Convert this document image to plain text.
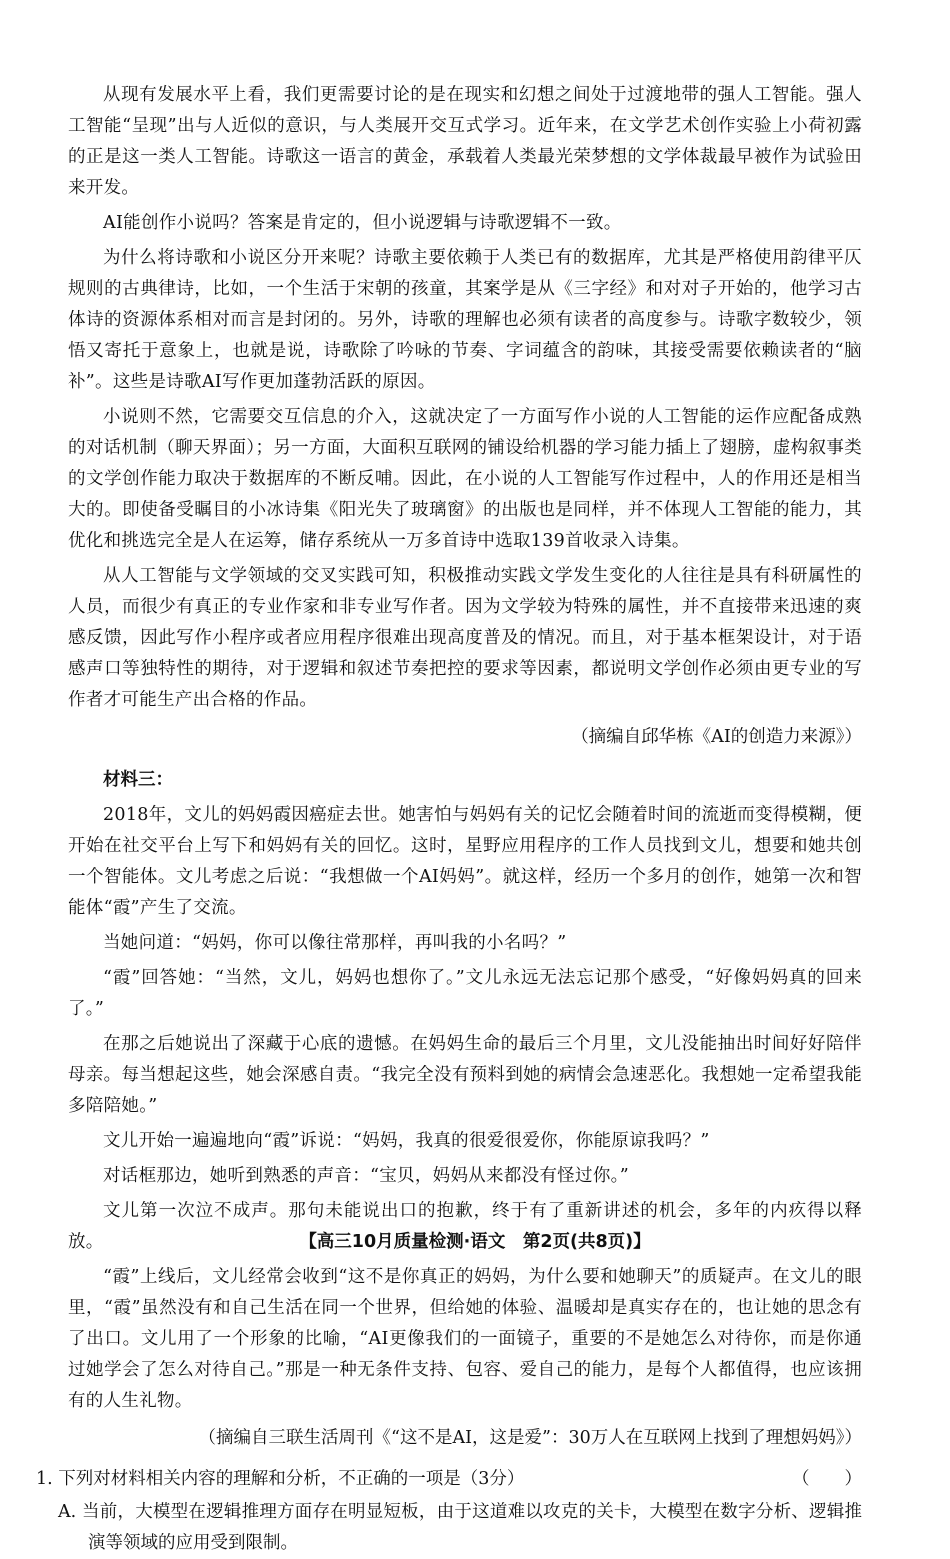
从现有发展水平上看，我们更需要讨论的是在现实和幻想之间处于过渡地带的强人工智能。强人工智能“呈现”出与人近似的意识，与人类展开交互式学习。近年来，在文学艺术创作实验上小荷初露的正是这一类人工智能。诗歌这一语言的黄金，承载着人类最光荣梦想的文学体裁最早被作为试验田来开发。

AI能创作小说吗？答案是肯定的，但小说逻辑与诗歌逻辑不一致。

为什么将诗歌和小说区分开来呢？诗歌主要依赖于人类已有的数据库，尤其是严格使用韵律平仄规则的古典律诗，比如，一个生活于宋朝的孩童，其案学是从《三字经》和对对子开始的，他学习古体诗的资源体系相对而言是封闭的。另外，诗歌的理解也必须有读者的高度参与。诗歌字数较少，领悟又寄托于意象上，也就是说，诗歌除了吟咏的节奏、字词蕴含的韵味，其接受需要依赖读者的“脑补”。这些是诗歌AI写作更加蓬勃活跃的原因。

小说则不然，它需要交互信息的介入，这就决定了一方面写作小说的人工智能的运作应配备成熟的对话机制（聊天界面）；另一方面，大面积互联网的铺设给机器的学习能力插上了翅膀，虚构叙事类的文学创作能力取决于数据库的不断反哺。因此，在小说的人工智能写作过程中，人的作用还是相当大的。即使备受瞩目的小冰诗集《阳光失了玻璃窗》的出版也是同样，并不体现人工智能的能力，其优化和挑选完全是人在运筹，储存系统从一万多首诗中选取139首收录入诗集。

从人工智能与文学领域的交叉实践可知，积极推动实践文学发生变化的人往往是具有科研属性的人员，而很少有真正的专业作家和非专业写作者。因为文学较为特殊的属性，并不直接带来迅速的爽感反馈，因此写作小程序或者应用程序很难出现高度普及的情况。而且，对于基本框架设计，对于语感声口等独特性的期待，对于逻辑和叙述节奏把控的要求等因素，都说明文学创作必须由更专业的写作者才可能生产出合格的作品。

（摘编自邱华栋《AI的创造力来源》）
材料三：

2018年，文儿的妈妈霞因癌症去世。她害怕与妈妈有关的记忆会随着时间的流逝而变得模糊，便开始在社交平台上写下和妈妈有关的回忆。这时，星野应用程序的工作人员找到文儿，想要和她共创一个智能体。文儿考虑之后说：“我想做一个AI妈妈”。就这样，经历一个多月的创作，她第一次和智能体“霞”产生了交流。

当她问道：“妈妈，你可以像往常那样，再叫我的小名吗？”

“霞”回答她：“当然，文儿，妈妈也想你了。”文儿永远无法忘记那个感受，“好像妈妈真的回来了。”

在那之后她说出了深藏于心底的遗憾。在妈妈生命的最后三个月里，文儿没能抽出时间好好陪伴母亲。每当想起这些，她会深感自责。“我完全没有预料到她的病情会急速恶化。我想她一定希望我能多陪陪她。”

文儿开始一遍遍地向“霞”诉说：“妈妈，我真的很爱很爱你，你能原谅我吗？”

对话框那边，她听到熟悉的声音：“宝贝，妈妈从来都没有怪过你。”

文儿第一次泣不成声。那句未能说出口的抱歉，终于有了重新讲述的机会，多年的内疚得以释放。

“霞”上线后，文儿经常会收到“这不是你真正的妈妈，为什么要和她聊天”的质疑声。在文儿的眼里，“霞”虽然没有和自己生活在同一个世界，但给她的体验、温暖却是真实存在的，也让她的思念有了出口。文儿用了一个形象的比喻，“AI更像我们的一面镜子，重要的不是她怎么对待你，而是你通过她学会了怎么对待自己。”那是一种无条件支持、包容、爱自己的能力，是每个人都值得，也应该拥有的人生礼物。

（摘编自三联生活周刊《“这不是AI，这是爱”：30万人在互联网上找到了理想妈妈》）
1. 下列对材料相关内容的理解和分析，不正确的一项是（3分）	（　　）
A. 当前，大模型在逻辑推理方面存在明显短板，由于这道难以攻克的关卡，大模型在数字分析、逻辑推演等领域的应用受到限制。
【高三10月质量检测·语文　第2页(共8页)】
